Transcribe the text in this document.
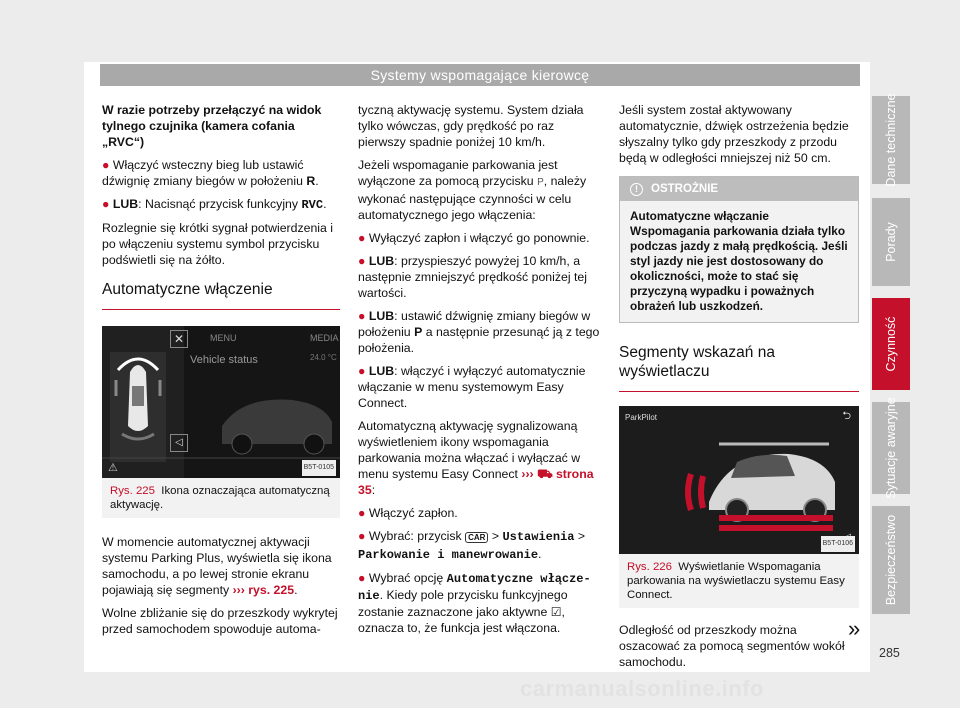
Systemy wspomagające kierowcę

W razie potrzeby przełączyć na widok tylnego czujnika (kamera cofania „RVC“)

● Włączyć wsteczny bieg lub ustawić dźwignię zmiany biegów w położeniu R.

● LUB: Nacisnąć przycisk funkcyjny RVC.

Rozlegnie się krótki sygnał potwierdzenia i po włączeniu systemu symbol przycisku podświetli się na żółto.

Automatyczne włączenie
✕	MENU	MEDIA
Vehicle status	24.0 °C
◁
⚠	B5T-0105
Rys. 225 Ikona oznaczająca automatyczną aktywację.

W momencie automatycznej aktywacji systemu Parking Plus, wyświetla się ikona samochodu, a po lewej stronie ekranu pojawiają się segmenty ››› rys. 225.

Wolne zbliżanie się do przeszkody wykrytej przed samochodem spowoduje automa-

tyczną aktywację systemu. System działa tylko wówczas, gdy prędkość po raz pierwszy spadnie poniżej 10 km/h.

Jeżeli wspomaganie parkowania jest wyłączone za pomocą przycisku P, należy wykonać następujące czynności w celu automatycznego jego włączenia:

● Wyłączyć zapłon i włączyć go ponownie.

● LUB: przyspieszyć powyżej 10 km/h, a następnie zmniejszyć prędkość poniżej tej wartości.

● LUB: ustawić dźwignię zmiany biegów w położeniu P a następnie przesunąć ją z tego położenia.

● LUB: włączyć i wyłączyć automatycznie włączanie w menu systemowym Easy Connect.

Automatyczną aktywację sygnalizowaną wyświetleniem ikony wspomagania parkowania można włączać i wyłączać w menu systemu Easy Connect ››› ⛟ strona 35:

● Włączyć zapłon.

● Wybrać: przycisk CAR > Ustawienia > Parkowanie i manewrowanie.

● Wybrać opcję Automatyczne włącze- nie. Kiedy pole przycisku funkcyjnego zostanie zaznaczone jako aktywne ☑, oznacza to, że funkcja jest włączona.

Jeśli system został aktywowany automatycznie, dźwięk ostrzeżenia będzie słyszalny tylko gdy przeszkody z przodu będą w odległości mniejszej niż 50 cm.

! OSTROŻNIE
Automatyczne włączanie Wspomagania parkowania działa tylko podczas jazdy z małą prędkością. Jeśli styl jazdy nie jest dostosowany do okoliczności, może to stać się przyczyną wypadku i poważnych obrażeń lub uszkodzeń.
Segmenty wskazań na wyświetlaczu
ParkPilot	⮌
B5T-0106
Rys. 226 Wyświetlanie Wspomagania parkowania na wyświetlaczu systemu Easy Connect.

Odległość od przeszkody można oszacować za pomocą segmentów wokół samochodu.

Dane techniczne
Porady
Czynność
Sytuacje awaryjne
Bezpieczeństwo
»
285
carmanualsonline.info
